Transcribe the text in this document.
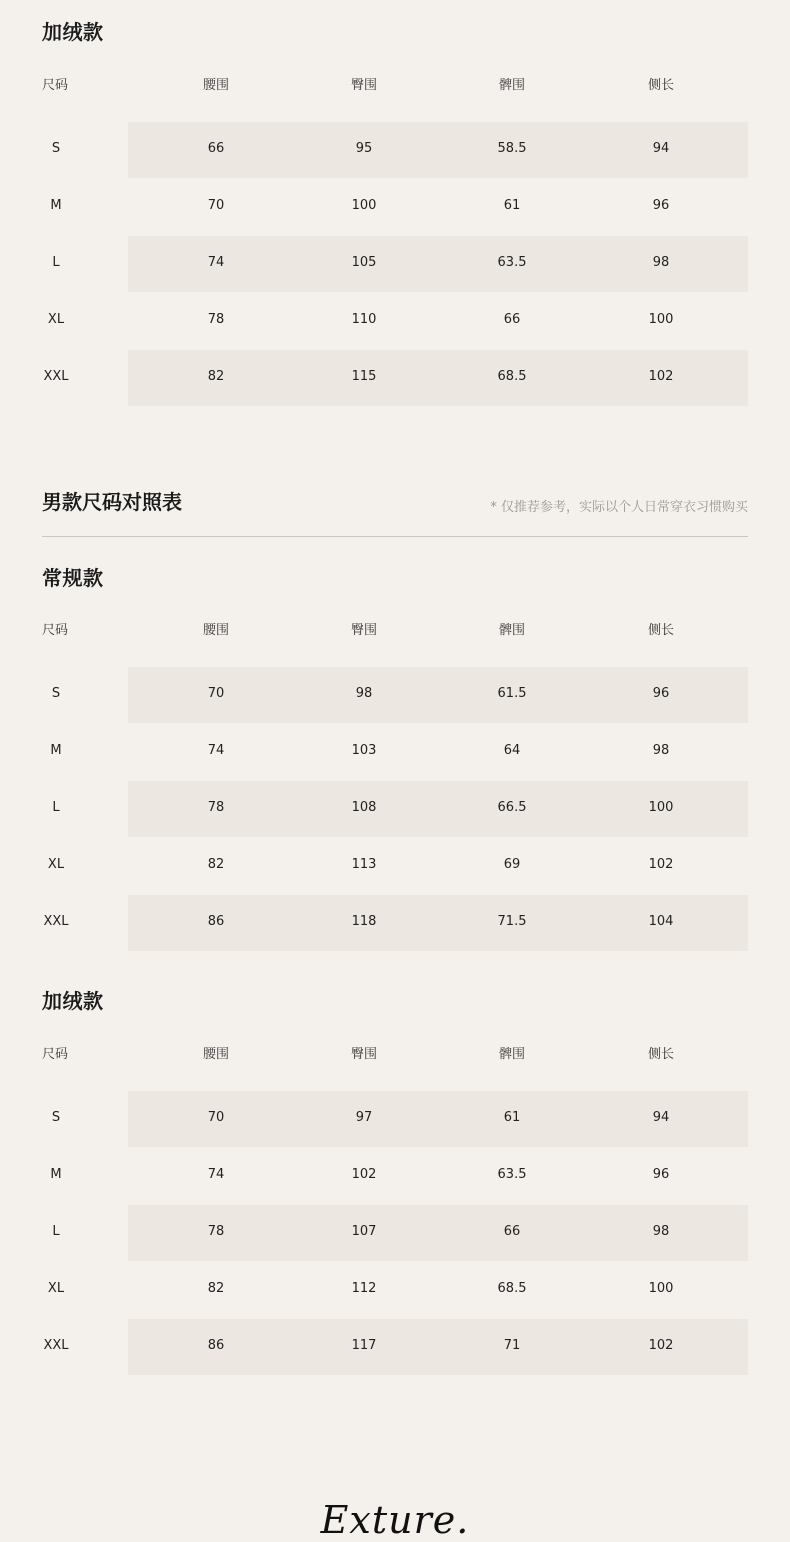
加绒款
尺码	腰围	臀围	髀围	侧长
S	66	95	58.5	94
M	70	100	61	96
L	74	105	63.5	98
XL	78	110	66	100
XXL	82	115	68.5	102
男款尺码对照表	* 仅推荐参考，实际以个人日常穿衣习惯购买
常规款
尺码	腰围	臀围	髀围	侧长
S	70	98	61.5	96
M	74	103	64	98
L	78	108	66.5	100
XL	82	113	69	102
XXL	86	118	71.5	104
加绒款
尺码	腰围	臀围	髀围	侧长
S	70	97	61	94
M	74	102	63.5	96
L	78	107	66	98
XL	82	112	68.5	100
XXL	86	117	71	102
Exture.
